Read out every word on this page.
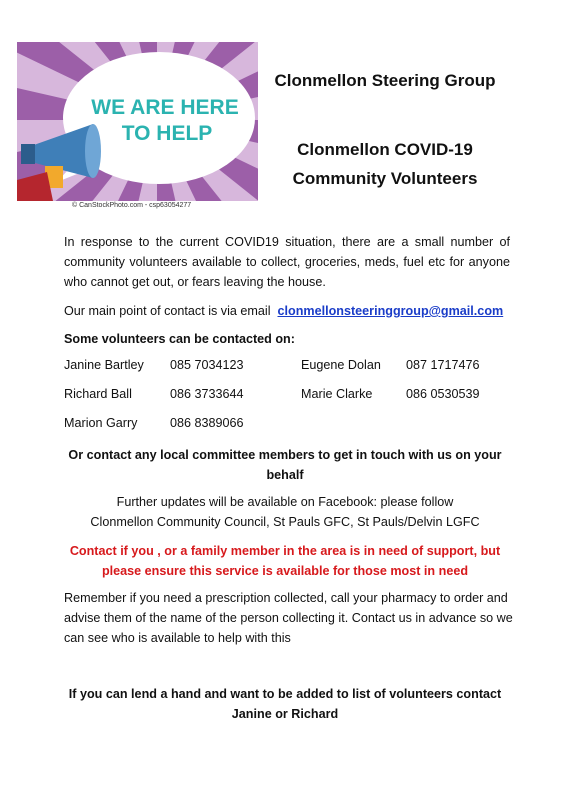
WE ARE HERE
TO HELP
© CanStockPhoto.com - csp63054277
Clonmellon Steering Group
Clonmellon COVID-19 Community Volunteers
In response to the current COVID19 situation, there are a small number of community volunteers available to collect, groceries, meds, fuel etc for anyone who cannot get out, or fears leaving the house.
Our main point of contact is via email clonmellonsteeringgroup@gmail.com
Some volunteers can be contacted on:
Janine Bartley 085 7034123	Eugene Dolan 087 1717476
Richard Ball	086 3733644	Marie Clarke	086 0530539
Marion Garry	086 8389066
Or contact any local committee members to get in touch with us on your behalf
Further updates will be available on Facebook: please follow
Clonmellon Community Council, St Pauls GFC, St Pauls/Delvin LGFC
Contact if you , or a family member in the area is in need of support, but please ensure this service is available for those most in need
Remember if you need a prescription collected, call your pharmacy to order and advise them of the name of the person collecting it. Contact us in advance so we can see who is available to help with this
If you can lend a hand and want to be added to list of volunteers contact
Janine or Richard
